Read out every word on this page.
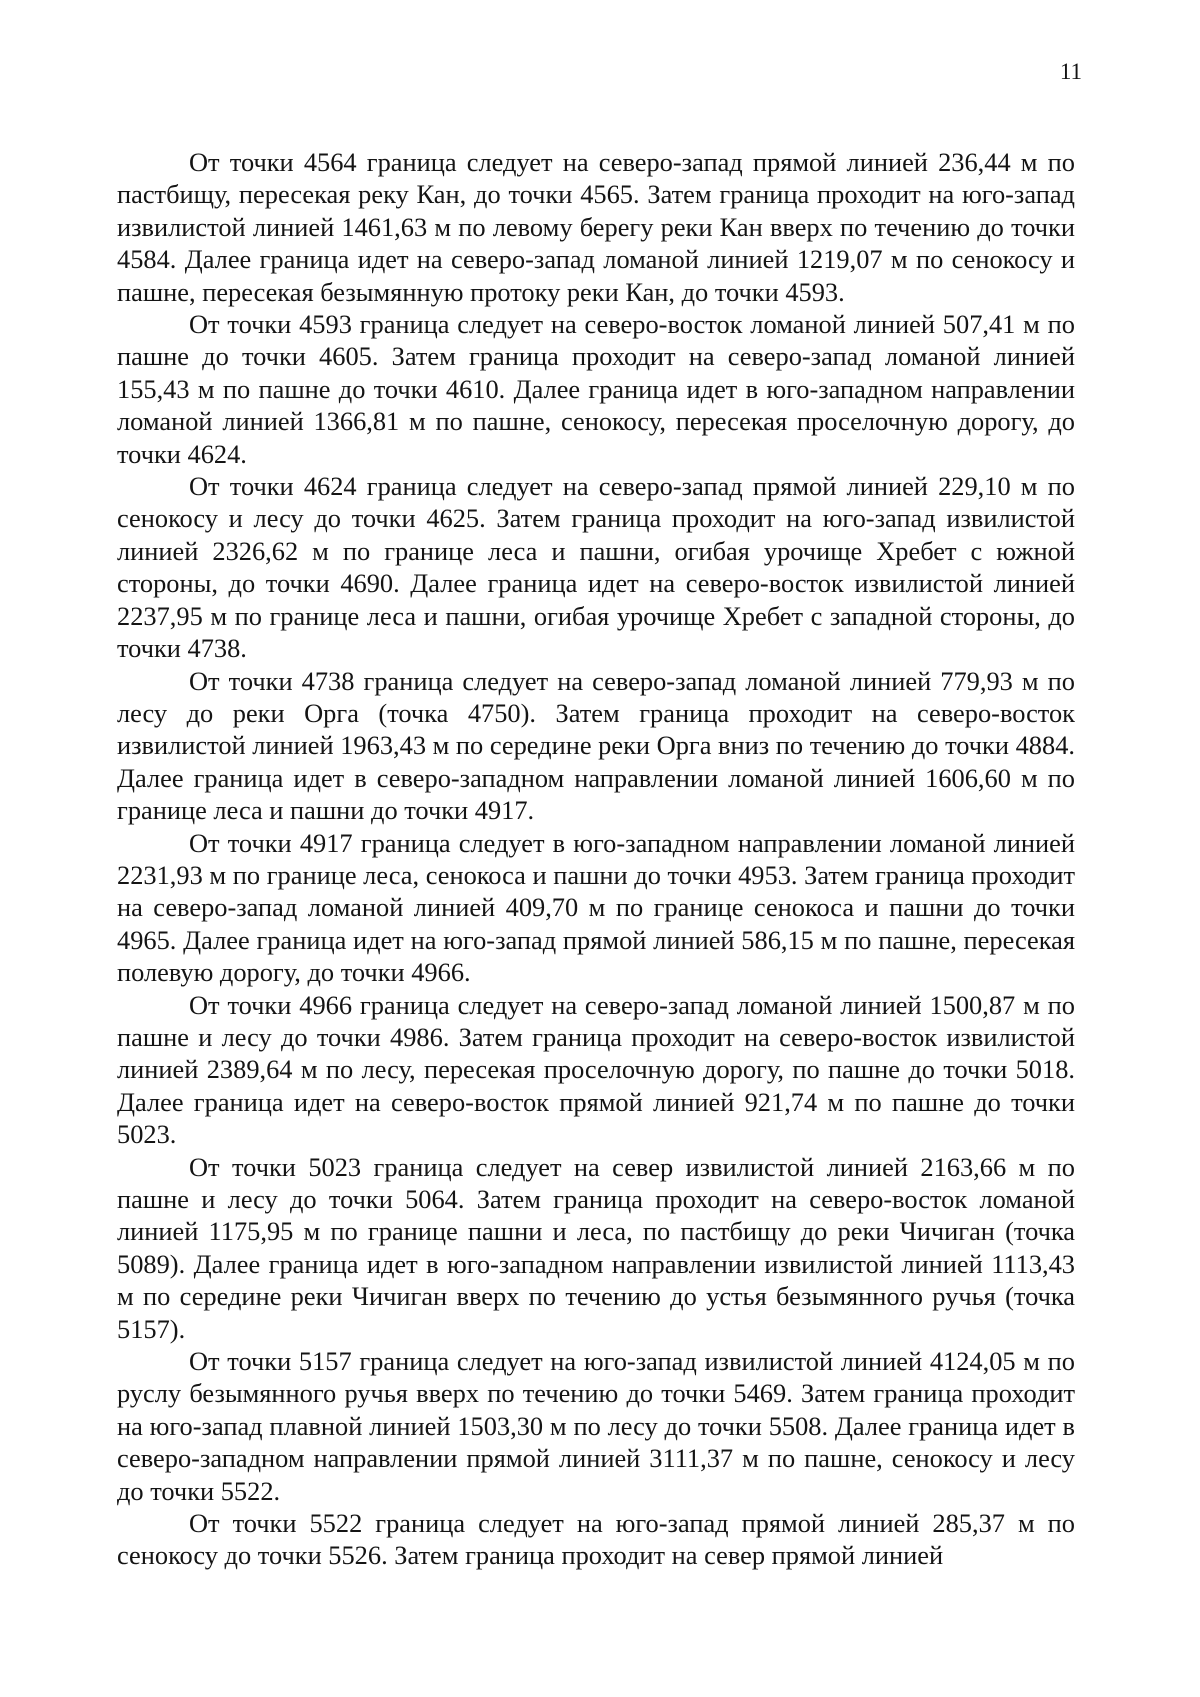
11

От точки 4564 граница следует на северо-запад прямой линией 236,44 м по пастбищу, пересекая реку Кан, до точки 4565. Затем граница проходит на юго-запад извилистой линией 1461,63 м по левому берегу реки Кан вверх по течению до точки 4584. Далее граница идет на северо-запад ломаной линией 1219,07 м по сенокосу и пашне, пересекая безымянную протоку реки Кан, до точки 4593.

От точки 4593 граница следует на северо-восток ломаной линией 507,41 м по пашне до точки 4605. Затем граница проходит на северо-запад ломаной линией 155,43 м по пашне до точки 4610. Далее граница идет в юго-западном направлении ломаной линией 1366,81 м по пашне, сенокосу, пересекая проселочную дорогу, до точки 4624.

От точки 4624 граница следует на северо-запад прямой линией 229,10 м по сенокосу и лесу до точки 4625. Затем граница проходит на юго-запад извилистой линией 2326,62 м по границе леса и пашни, огибая урочище Хребет с южной стороны, до точки 4690. Далее граница идет на северо-восток извилистой линией 2237,95 м по границе леса и пашни, огибая урочище Хребет с западной стороны, до точки 4738.

От точки 4738 граница следует на северо-запад ломаной линией 779,93 м по лесу до реки Орга (точка 4750). Затем граница проходит на северо-восток извилистой линией 1963,43 м по середине реки Орга вниз по течению до точки 4884. Далее граница идет в северо-западном направлении ломаной линией 1606,60 м по границе леса и пашни до точки 4917.

От точки 4917 граница следует в юго-западном направлении ломаной линией 2231,93 м по границе леса, сенокоса и пашни до точки 4953. Затем граница проходит на северо-запад ломаной линией 409,70 м по границе сенокоса и пашни до точки 4965. Далее граница идет на юго-запад прямой линией 586,15 м по пашне, пересекая полевую дорогу, до точки 4966.

От точки 4966 граница следует на северо-запад ломаной линией 1500,87 м по пашне и лесу до точки 4986. Затем граница проходит на северо-восток извилистой линией 2389,64 м по лесу, пересекая проселочную дорогу, по пашне до точки 5018. Далее граница идет на северо-восток прямой линией 921,74 м по пашне до точки 5023.

От точки 5023 граница следует на север извилистой линией 2163,66 м по пашне и лесу до точки 5064. Затем граница проходит на северо-восток ломаной линией 1175,95 м по границе пашни и леса, по пастбищу до реки Чичиган (точка 5089). Далее граница идет в юго-западном направлении извилистой линией 1113,43 м по середине реки Чичиган вверх по течению до устья безымянного ручья (точка 5157).

От точки 5157 граница следует на юго-запад извилистой линией 4124,05 м по руслу безымянного ручья вверх по течению до точки 5469. Затем граница проходит на юго-запад плавной линией 1503,30 м по лесу до точки 5508. Далее граница идет в северо-западном направлении прямой линией 3111,37 м по пашне, сенокосу и лесу до точки 5522.

От точки 5522 граница следует на юго-запад прямой линией 285,37 м по сенокосу до точки 5526. Затем граница проходит на север прямой линией
